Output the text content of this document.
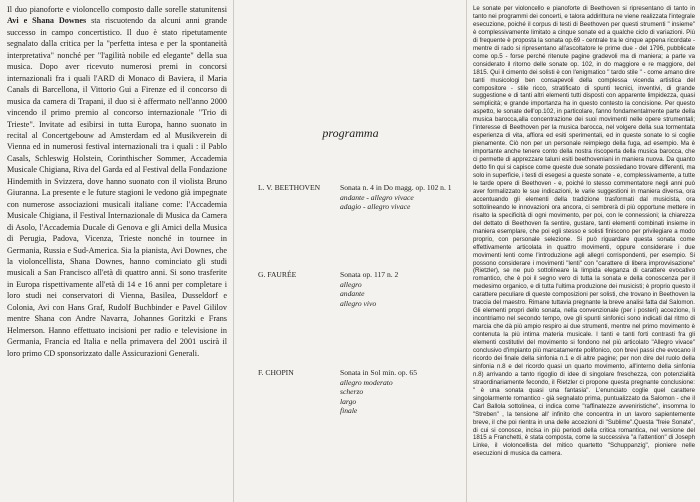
Il duo pianoforte e violoncello composto dalle sorelle statunitensi Avi e Shana Downes sta riscuotendo da alcuni anni grande successo in campo concertistico. Il duo è stato ripetutamente segnalato dalla critica per la "perfetta intesa e per la spontaneità interpretativa" nonché per "l'agilità nobile ed elegante" della sua musica. Dopo aver ricevuto numerosi premi in concorsi internazionali fra i quali l'ARD di Monaco di Baviera, il Maria Canals di Barcellona, il Vittorio Gui a Firenze ed il concorso di musica da camera di Trapani, il duo si è affermato nell'anno 2000 vincendo il primo premio al concorso internazionale "Trio di Trieste". Invitate ad esibirsi in tutta Europa, hanno suonato in recital al Concertgebouw ad Amsterdam ed al Musikverein di Vienna ed in numerosi festival internazionali tra i quali : il Pablo Casals, Schleswig Holstein, Corinthischer Sommer, Accademia Musicale Chigiana, Riva del Garda ed al Festival della Fondazione Hindemith in Svizzera, dove hanno suonato con il violista Bruno Giuranna. La presente e le future stagioni le vedono già impegnate con numerose associazioni musicali italiane come: l'Accademia Musicale Chigiana, il Festival Internazionale di Musica da Camera di Asolo, l'Accademia Ducale di Genova e gli Amici della Musica di Perugia, Padova, Vicenza, Trieste nonché in tournee in Germania, Russia e Sud-America. Sia la pianista, Avi Downes, che la violoncellista, Shana Downes, hanno cominciato gli studi musicali a San Francisco all'età di quattro anni. Si sono trasferite in Europa rispettivamente all'età di 14 e 16 anni per completare i loro studi nei conservatori di Vienna, Basilea, Dusseldorf e Colonia, Avi con Hans Graf, Rudolf Buchbinder e Pavel Gililov mentre Shana con Andre Navarra, Johannes Goritzki e Frans Helmerson. Hanno effettuato incisioni per radio e televisione in Germania, Francia ed Italia e nella primavera del 2001 uscirà il loro primo CD sponsorizzato dalle Assicurazioni Generali.

programma
L. V. BEETHOVEN	Sonata n. 4 in Do magg. op. 102 n. 1
andante - allegro vivace
adagio - allegro vivace
G. FAURÉE	Sonata op. 117 n. 2
allegro
andante
allegro vivo
F. CHOPIN	Sonata in Sol min. op. 65
allegro moderato
scherzo
largo
finale

Le sonate per violoncello e pianoforte di Beethoven si ripresentano di tanto in tanto nei programmi dei concerti, e talora addirittura ne viene realizzata l'integrale esecuzione, poiché il corpus di testi di Beethoven per questi strumenti " insieme" è complessivamente limitato a cinque sonate ed a qualche ciclo di variazioni. Più di frequente è proposta la sonata op.69 - centrale tra le cinque appena ricordate - mentre di rado si ripresentano all'ascoltatore le prime due - del 1796, pubblicate come op.5 - forse perché ritenute pagine gradevoli ma di maniera; a parte va considerato il ritorno delle sonate op. 102, in do maggiore e re maggiore, del 1815. Qui il cimento dei solisti è con l'enigmatico " tardo stile " - come amano dire tanti musicologi ben consapevoli della complessa vicenda artistica del compositore - stile ricco, stratificato di spunti tecnici, inventivi, di grande suggestione e di tanti altri elementi tutti disposti con apparente limpidezza, quasi semplicità; e grande importanza ha in questo contesto la concisione. Per questo aspetto, le sonate dell'op.102, in particolare, fanno fondamentalmente parte della musica barocca,alla concentrazione dei suoi movimenti nelle opere strumentali; l'interesse di Beethoven per la musica barocca, nel volgere della sua tormentata esperienza di vita, affiora ed esiti sperimentali, ed in queste sonate lo si coglie pienamente. Ciò non per un personale reimpiego della fuga, ad esempio. Ma è importante anche tenere conto della nostra riscoperta della musica barocca, che ci permette di apprezzare taluni esiti beethoveniani in maniera nuova. Da quanto detto fin qui si capisce come queste due sonate possiedano trovare differenti, ma solo in superficie, i testi di esegesi a queste sonate - e, complessivamente, a tutte le tarde opere di Beethoven - e, poiché lo stesso commentatore negli anni può aver formalizzato le sue indicazioni, le varie suggestioni in maniera diversa, ora accentuando gli elementi della tradizione trasformati dal musicista, ora sottolineando le innovazioni ora ancora, ci sembrerà di più opportune mettere in risalto la specificità di ogni movimento, per poi, con le connessioni; la chiarezza del dettato di Beethoven fa sentire, gustare, tanti elementi combinati insieme in maniera esemplare, che poi egli stesso e solisti finiscono per privilegiare a modo proprio, con personale selezione. Si può riguardare questa sonata come effettivamente articolata in quattro movimenti, oppure considerare i due movimenti lenti come l'introduzione agli allegri corrispondenti, per esempio. Si possono considerare i movimenti "lenti" con "carattere di libera improvvisazione" (Rietzler), se ne può sottolineare la limpida eleganza di carattere evocativo romantico, che è poi il segno vero di tutta la sonata e della conoscenza per il medesimo organico, e di tutta l'ultima produzione dei musicisti; è proprio questo il carattere peculiare di queste composizioni per solisti, che trovano in Beethoven la traccia del maestro. Rimane tuttavia pregnante la breve analisi fatta dal Salomon. Gli elementi propri dello sonata, nella convenzionale (per i posteri) accezione, li incontriamo nel secondo tempo, ove gli spunti sinfonici sono indicati dal ritmo di marcia che dà più ampio respiro ai due strumenti, mentre nel primo movimento è contenuta la più intima materia musicale. I tanti e tanti forti contrasti fra gli elementi costitutivi del movimento si fondono nel più articolato "Allegro vivace" conclusivo d'impianto più marcatamente polifonico, con brevi passi che evocano il ricordo dei finale della sinfonia n.1 e di altre pagine; per non dire del ruolo della sinfonia n.8 e del ricordo quasi un quarto movimento, all'interno della sinfonia n.8) arrivando a tanto rigoglio di idee di singolare freschezza, con potenzialità straordinariamente fecondo, il Rietzler ci propone questa pregnante conclusione: " è una sonata quasi una fantasia". L'enunciato coglie quel carattere singolarmente romantico - già segnalato prima, puntualizzato da Salomon - che il Carl Ballola sottolinea, ci indica come "raffinatezze avveniristiche", insomma lo "Streben" , la tensione all' infinito che concentra in un lavoro sapientemente breve, il che poi rientra in una delle accezioni di "Sublime".Questa "freie Sonate", di cui si conosce, incisa in più periodi della critica romantica, nel versione del 1815 a Franchetti, è stata composta, come la successiva "a l'attention" di Joseph Linke, il violoncellista del mitico quartetto "Schuppanzig", pioniere nelle esecuzioni di musica da camera.
